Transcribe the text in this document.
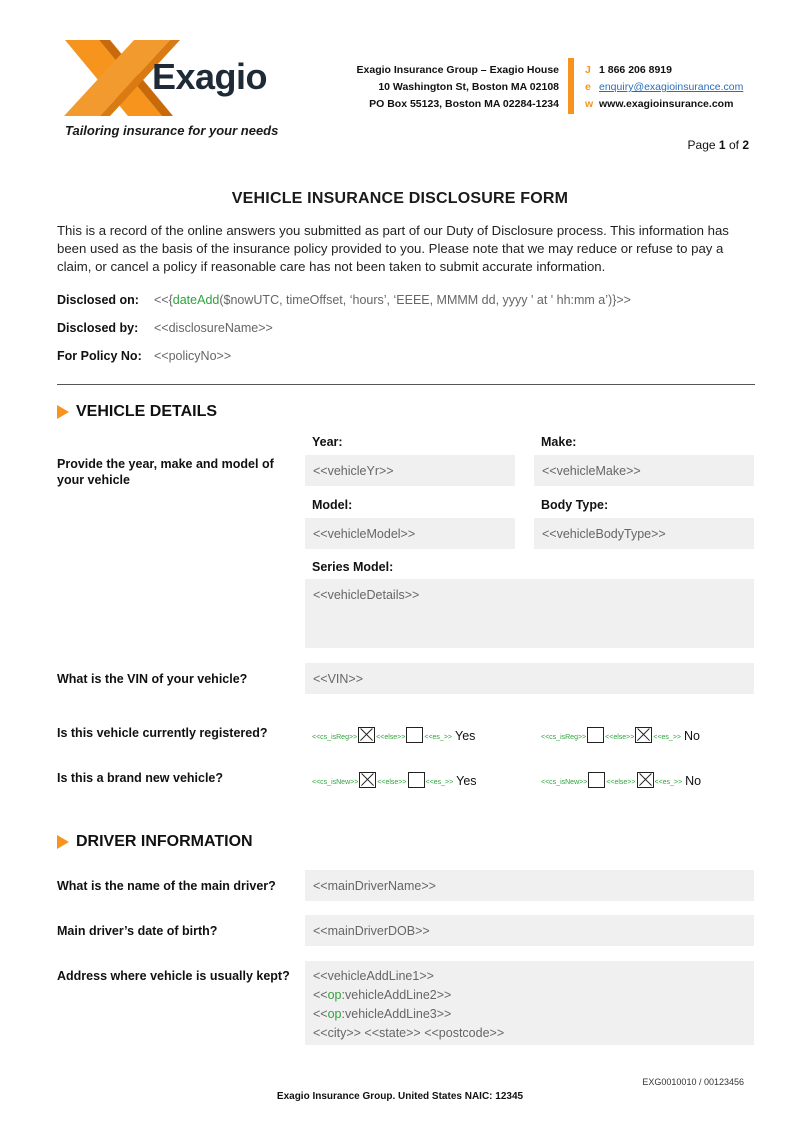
Exagio
Tailoring insurance for your needs
Exagio Insurance Group – Exagio House
10 Washington St, Boston MA 02108
PO Box 55123, Boston MA 02284-1234
J 1 866 206 8919
e enquiry@exagioinsurance.com
w www.exagioinsurance.com
Page 1 of 2
VEHICLE INSURANCE DISCLOSURE FORM
This is a record of the online answers you submitted as part of our Duty of Disclosure process. This information has been used as the basis of the insurance policy provided to you. Please note that we may reduce or refuse to pay a claim, or cancel a policy if reasonable care has not been taken to submit accurate information.
Disclosed on: <<{dateAdd($nowUTC, timeOffset, ‘hours’, ‘EEEE, MMMM dd, yyyy ' at ' hh:mm a’)}>>
Disclosed by: <<disclosureName>>
For Policy No: <<policyNo>>
VEHICLE DETAILS
Provide the year, make and model of your vehicle
Year:	Make:
<<vehicleYr>>	<<vehicleMake>>
Model:	Body Type:
<<vehicleModel>>	<<vehicleBodyType>>
Series Model:
<<vehicleDetails>>
What is the VIN of your vehicle?	<<VIN>>
Is this vehicle currently registered?	<<cs_isReg>>	<<else>>	<<es_>> Yes	<<cs_isReg>>	<<else>>	<<es_>> No
Is this a brand new vehicle?	<<cs_isNew>>	<<else>>	<<es_>> Yes	<<cs_isNew>>	<<else>>	<<es_>> No
DRIVER INFORMATION
What is the name of the main driver?	<<mainDriverName>>
Main driver’s date of birth?	<<mainDriverDOB>>
Address where vehicle is usually kept?	<<vehicleAddLine1>>
<<op:vehicleAddLine2>>
<<op:vehicleAddLine3>>
<<city>> <<state>> <<postcode>>
EXG0010010 / 00123456
Exagio Insurance Group. United States NAIC: 12345
